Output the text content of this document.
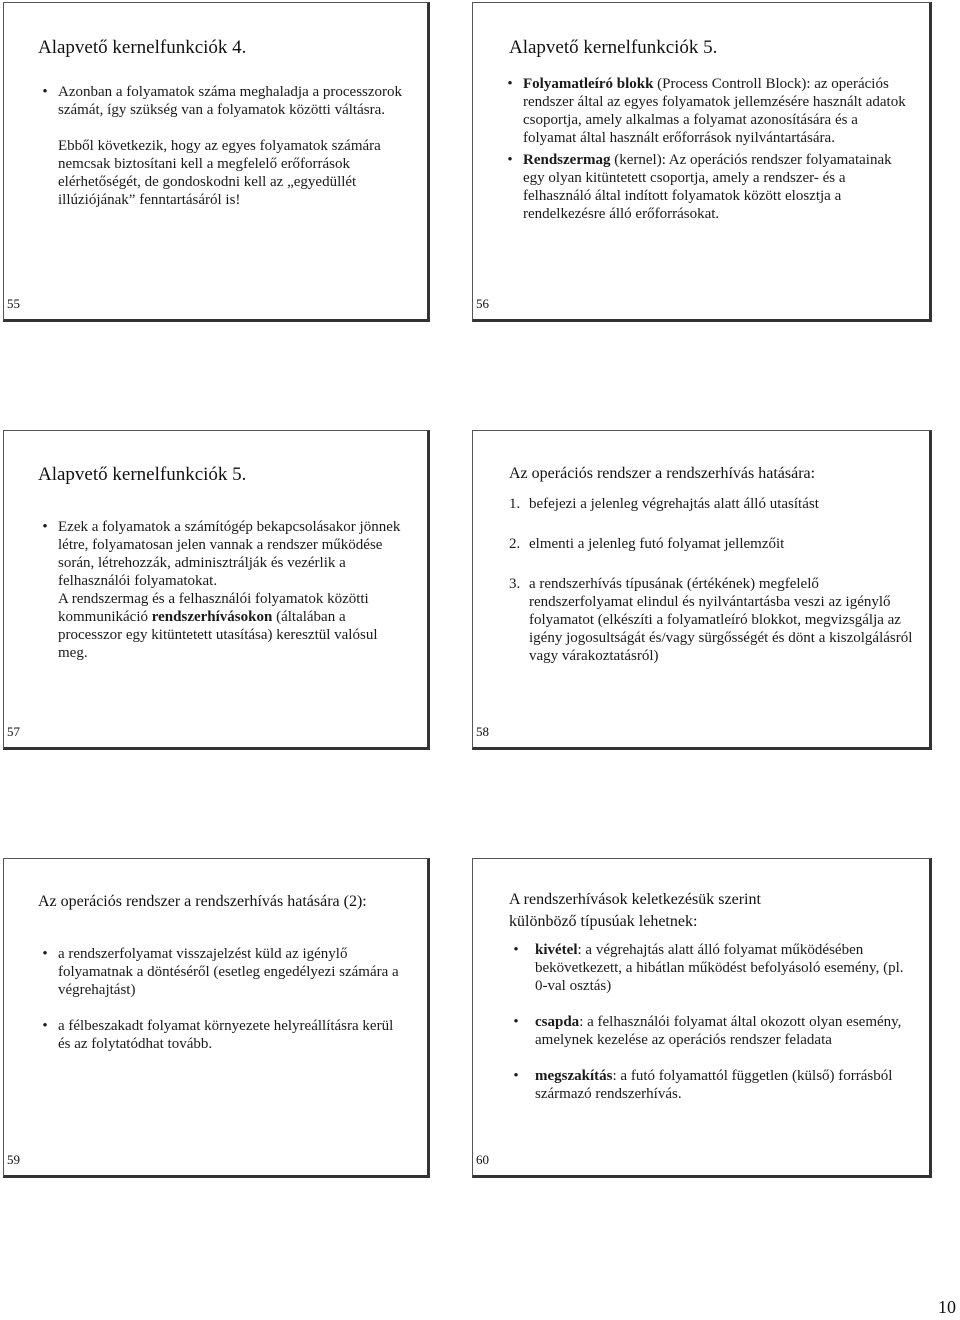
Alapvető kernelfunkciók 4.
• Azonban a folyamatok száma meghaladja a processzorok számát, így szükség van a folyamatok közötti váltásra.

Ebből következik, hogy az egyes folyamatok számára nemcsak biztosítani kell a megfelelő erőforrások elérhetőségét, de gondoskodni kell az „egyedüllét illúziójának” fenntartásáról is!

55
Alapvető kernelfunkciók 5.
• Folyamatleíró blokk (Process Controll Block): az operációs rendszer által az egyes folyamatok jellemzésére használt adatok csoportja, amely alkalmas a folyamat azonosítására és a folyamat által használt erőforrások nyilvántartására.
• Rendszermag (kernel): Az operációs rendszer folyamatainak egy olyan kitüntetett csoportja, amely a rendszer- és a felhasználó által indított folyamatok között elosztja a rendelkezésre álló erőforrásokat.
56
Alapvető kernelfunkciók 5.
• Ezek a folyamatok a számítógép bekapcsolásakor jönnek létre, folyamatosan jelen vannak a rendszer működése során, létrehozzák, adminisztrálják és vezérlik a felhasználói folyamatokat.
A rendszermag és a felhasználói folyamatok közötti kommunikáció rendszerhívásokon (általában a processzor egy kitüntetett utasítása) keresztül valósul meg.
57
Az operációs rendszer a rendszerhívás hatására:
1. befejezi a jelenleg végrehajtás alatt álló utasítást
2. elmenti a jelenleg futó folyamat jellemzőit
3. a rendszerhívás típusának (értékének) megfelelő rendszerfolyamat elindul és nyilvántartásba veszi az igénylő folyamatot (elkészíti a folyamatleíró blokkot, megvizsgálja az igény jogosultságát és/vagy sürgősségét és dönt a kiszolgálásról vagy várakoztatásról)
58
Az operációs rendszer a rendszerhívás hatására (2):
• a rendszerfolyamat visszajelzést küld az igénylő folyamatnak a döntéséről (esetleg engedélyezi számára a végrehajtást)
• a félbeszakadt folyamat környezete helyreállításra kerül és az folytatódhat tovább.
59
A rendszerhívások keletkezésük szerint különböző típusúak lehetnek:
• kivétel: a végrehajtás alatt álló folyamat működésében bekövetkezett, a hibátlan működést befolyásoló esemény, (pl. 0-val osztás)
• csapda: a felhasználói folyamat által okozott olyan esemény, amelynek kezelése az operációs rendszer feladata
• megszakítás: a futó folyamattól független (külső) forrásból származó rendszerhívás.
60
10
